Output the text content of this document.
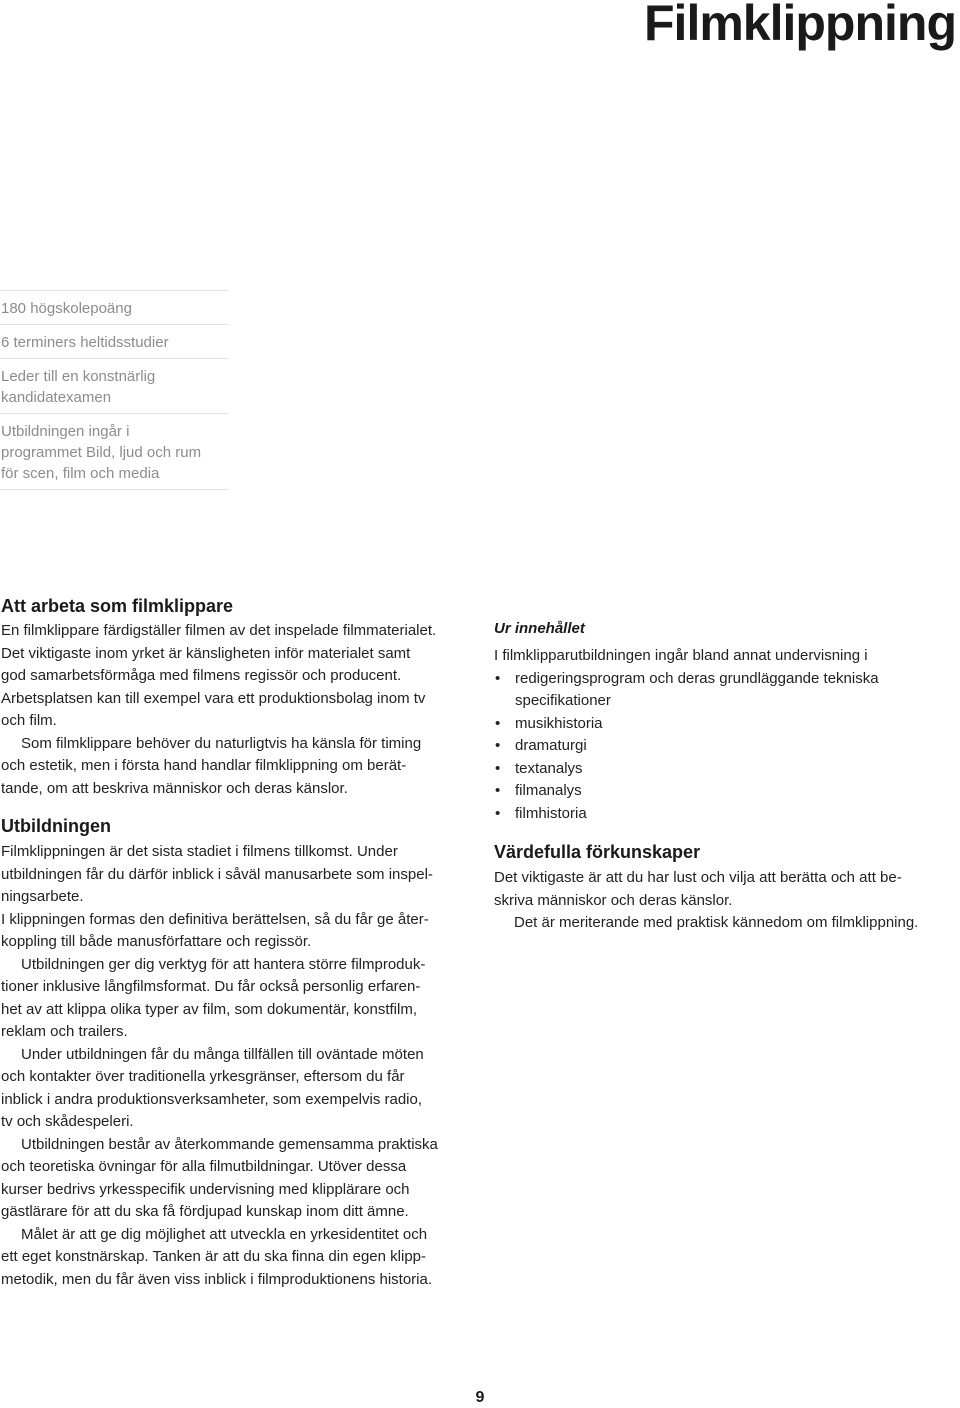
Filmklippning
180 högskolepoäng
6 terminers heltidsstudier
Leder till en konstnärlig
kandidatexamen
Utbildningen ingår i
programmet Bild, ljud och rum
för scen, film och media
Att arbeta som filmklippare
En filmklippare färdigställer filmen av det inspelade filmmaterialet.
Det viktigaste inom yrket är känsligheten inför materialet samt
god samarbetsförmåga med filmens regissör och producent.
Arbetsplatsen kan till exempel vara ett produktionsbolag inom tv
och film.
Som filmklippare behöver du naturligtvis ha känsla för timing
och estetik, men i första hand handlar filmklippning om berät-
tande, om att beskriva människor och deras känslor.
Utbildningen
Filmklippningen är det sista stadiet i filmens tillkomst. Under
utbildningen får du därför inblick i såväl manusarbete som inspel-
ningsarbete.
I klippningen formas den definitiva berättelsen, så du får ge åter-
koppling till både manusförfattare och regissör.
Utbildningen ger dig verktyg för att hantera större filmproduk-
tioner inklusive långfilmsformat. Du får också personlig erfaren-
het av att klippa olika typer av film, som dokumentär, konstfilm,
reklam och trailers.
Under utbildningen får du många tillfällen till oväntade möten
och kontakter över traditionella yrkesgränser, eftersom du får
inblick i andra produktionsverksamheter, som exempelvis radio,
tv och skådespeleri.
Utbildningen består av återkommande gemensamma praktiska
och teoretiska övningar för alla filmutbildningar. Utöver dessa
kurser bedrivs yrkesspecifik undervisning med klipplärare och
gästlärare för att du ska få fördjupad kunskap inom ditt ämne.
Målet är att ge dig möjlighet att utveckla en yrkesidentitet och
ett eget konstnärskap. Tanken är att du ska finna din egen klipp-
metodik, men du får även viss inblick i filmproduktionens historia.
Ur innehållet
I filmklipparutbildningen ingår bland annat undervisning i
• redigeringsprogram och deras grundläggande tekniska
specifikationer
• musikhistoria
• dramaturgi
• textanalys
• filmanalys
• filmhistoria
Värdefulla förkunskaper
Det viktigaste är att du har lust och vilja att berätta och att be-
skriva människor och deras känslor.
Det är meriterande med praktisk kännedom om filmklippning.
9
